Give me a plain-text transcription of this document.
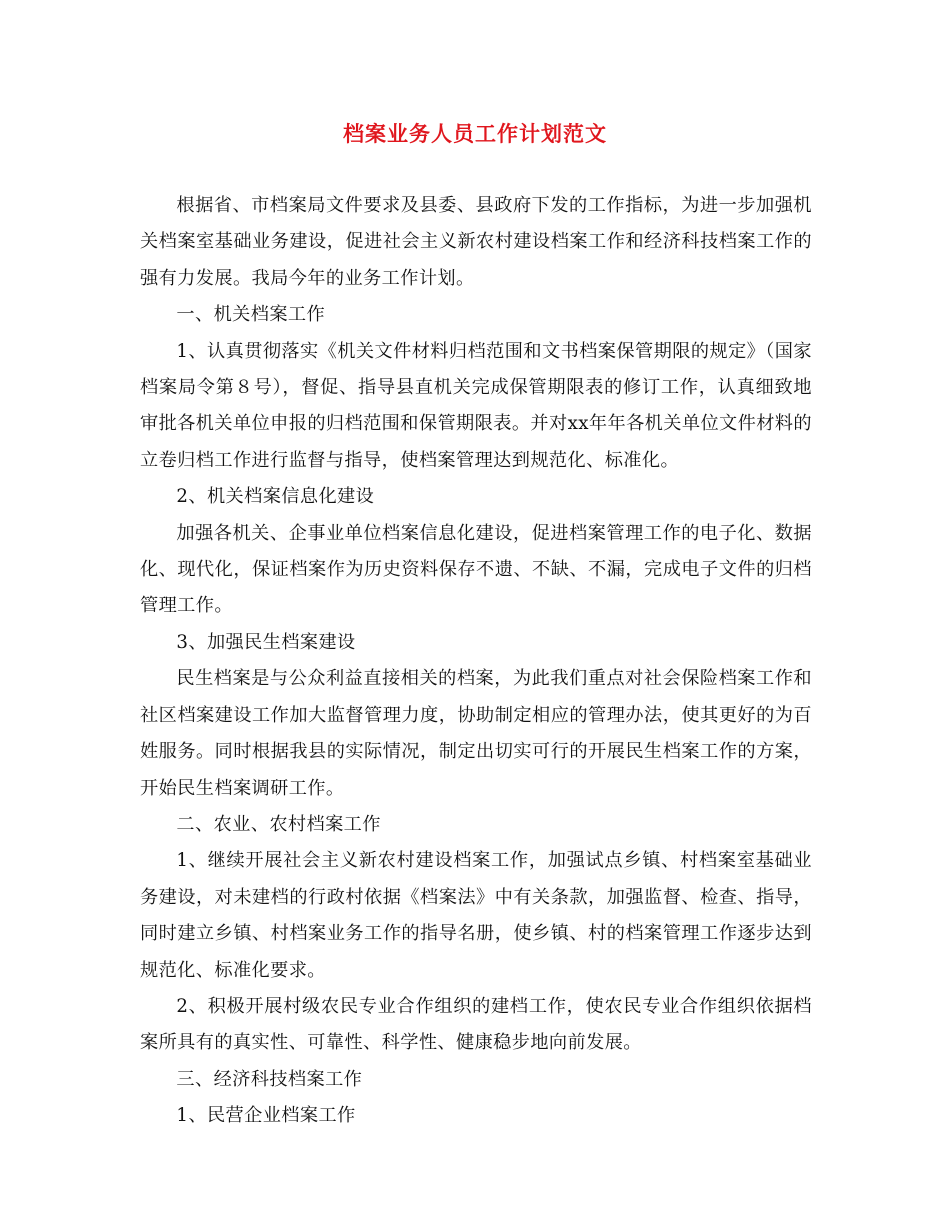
档案业务人员工作计划范文

根据省、市档案局文件要求及县委、县政府下发的工作指标，为进一步加强机关档案室基础业务建设，促进社会主义新农村建设档案工作和经济科技档案工作的强有力发展。我局今年的业务工作计划。

一、机关档案工作

1、认真贯彻落实《机关文件材料归档范围和文书档案保管期限的规定》（国家档案局令第８号），督促、指导县直机关完成保管期限表的修订工作，认真细致地审批各机关单位申报的归档范围和保管期限表。并对xx年年各机关单位文件材料的立卷归档工作进行监督与指导，使档案管理达到规范化、标准化。

2、机关档案信息化建设

加强各机关、企事业单位档案信息化建设，促进档案管理工作的电子化、数据化、现代化，保证档案作为历史资料保存不遗、不缺、不漏，完成电子文件的归档管理工作。

3、加强民生档案建设

民生档案是与公众利益直接相关的档案，为此我们重点对社会保险档案工作和社区档案建设工作加大监督管理力度，协助制定相应的管理办法，使其更好的为百姓服务。同时根据我县的实际情况，制定出切实可行的开展民生档案工作的方案，开始民生档案调研工作。

二、农业、农村档案工作

1、继续开展社会主义新农村建设档案工作，加强试点乡镇、村档案室基础业务建设，对未建档的行政村依据《档案法》中有关条款，加强监督、检查、指导，同时建立乡镇、村档案业务工作的指导名册，使乡镇、村的档案管理工作逐步达到规范化、标准化要求。

2、积极开展村级农民专业合作组织的建档工作，使农民专业合作组织依据档案所具有的真实性、可靠性、科学性、健康稳步地向前发展。

三、经济科技档案工作

1、民营企业档案工作
